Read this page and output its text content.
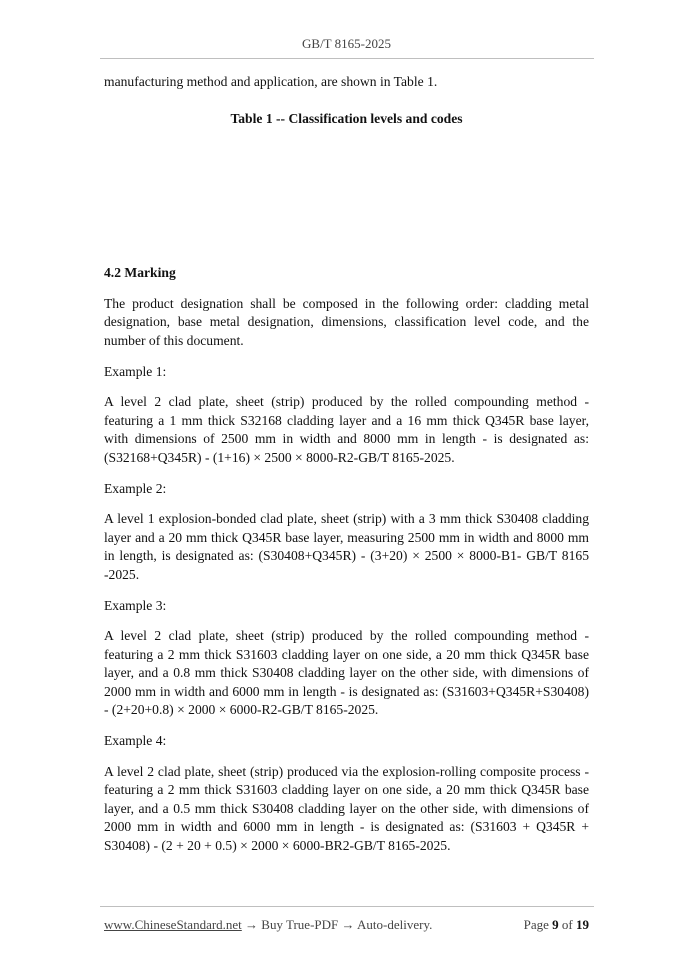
GB/T 8165-2025

manufacturing method and application, are shown in Table 1.

Table 1 -- Classification levels and codes

4.2 Marking

The product designation shall be composed in the following order: cladding metal designation, base metal designation, dimensions, classification level code, and the number of this document.

Example 1:

A level 2 clad plate, sheet (strip) produced by the rolled compounding method - featuring a 1 mm thick S32168 cladding layer and a 16 mm thick Q345R base layer, with dimensions of 2500 mm in width and 8000 mm in length - is designated as: (S32168+Q345R) - (1+16) × 2500 × 8000-R2-GB/T 8165-2025.

Example 2:

A level 1 explosion-bonded clad plate, sheet (strip) with a 3 mm thick S30408 cladding layer and a 20 mm thick Q345R base layer, measuring 2500 mm in width and 8000 mm in length, is designated as: (S30408+Q345R) - (3+20) × 2500 × 8000-B1- GB/T 8165 -2025.

Example 3:

A level 2 clad plate, sheet (strip) produced by the rolled compounding method - featuring a 2 mm thick S31603 cladding layer on one side, a 20 mm thick Q345R base layer, and a 0.8 mm thick S30408 cladding layer on the other side, with dimensions of 2000 mm in width and 6000 mm in length - is designated as: (S31603+Q345R+S30408) - (2+20+0.8) × 2000 × 6000-R2-GB/T 8165-2025.

Example 4:

A level 2 clad plate, sheet (strip) produced via the explosion-rolling composite process - featuring a 2 mm thick S31603 cladding layer on one side, a 20 mm thick Q345R base layer, and a 0.5 mm thick S30408 cladding layer on the other side, with dimensions of 2000 mm in width and 6000 mm in length - is designated as: (S31603 + Q345R + S30408) - (2 + 20 + 0.5) × 2000 × 6000-BR2-GB/T 8165-2025.

www.ChineseStandard.net → Buy True-PDF → Auto-delivery.	Page 9 of 19
